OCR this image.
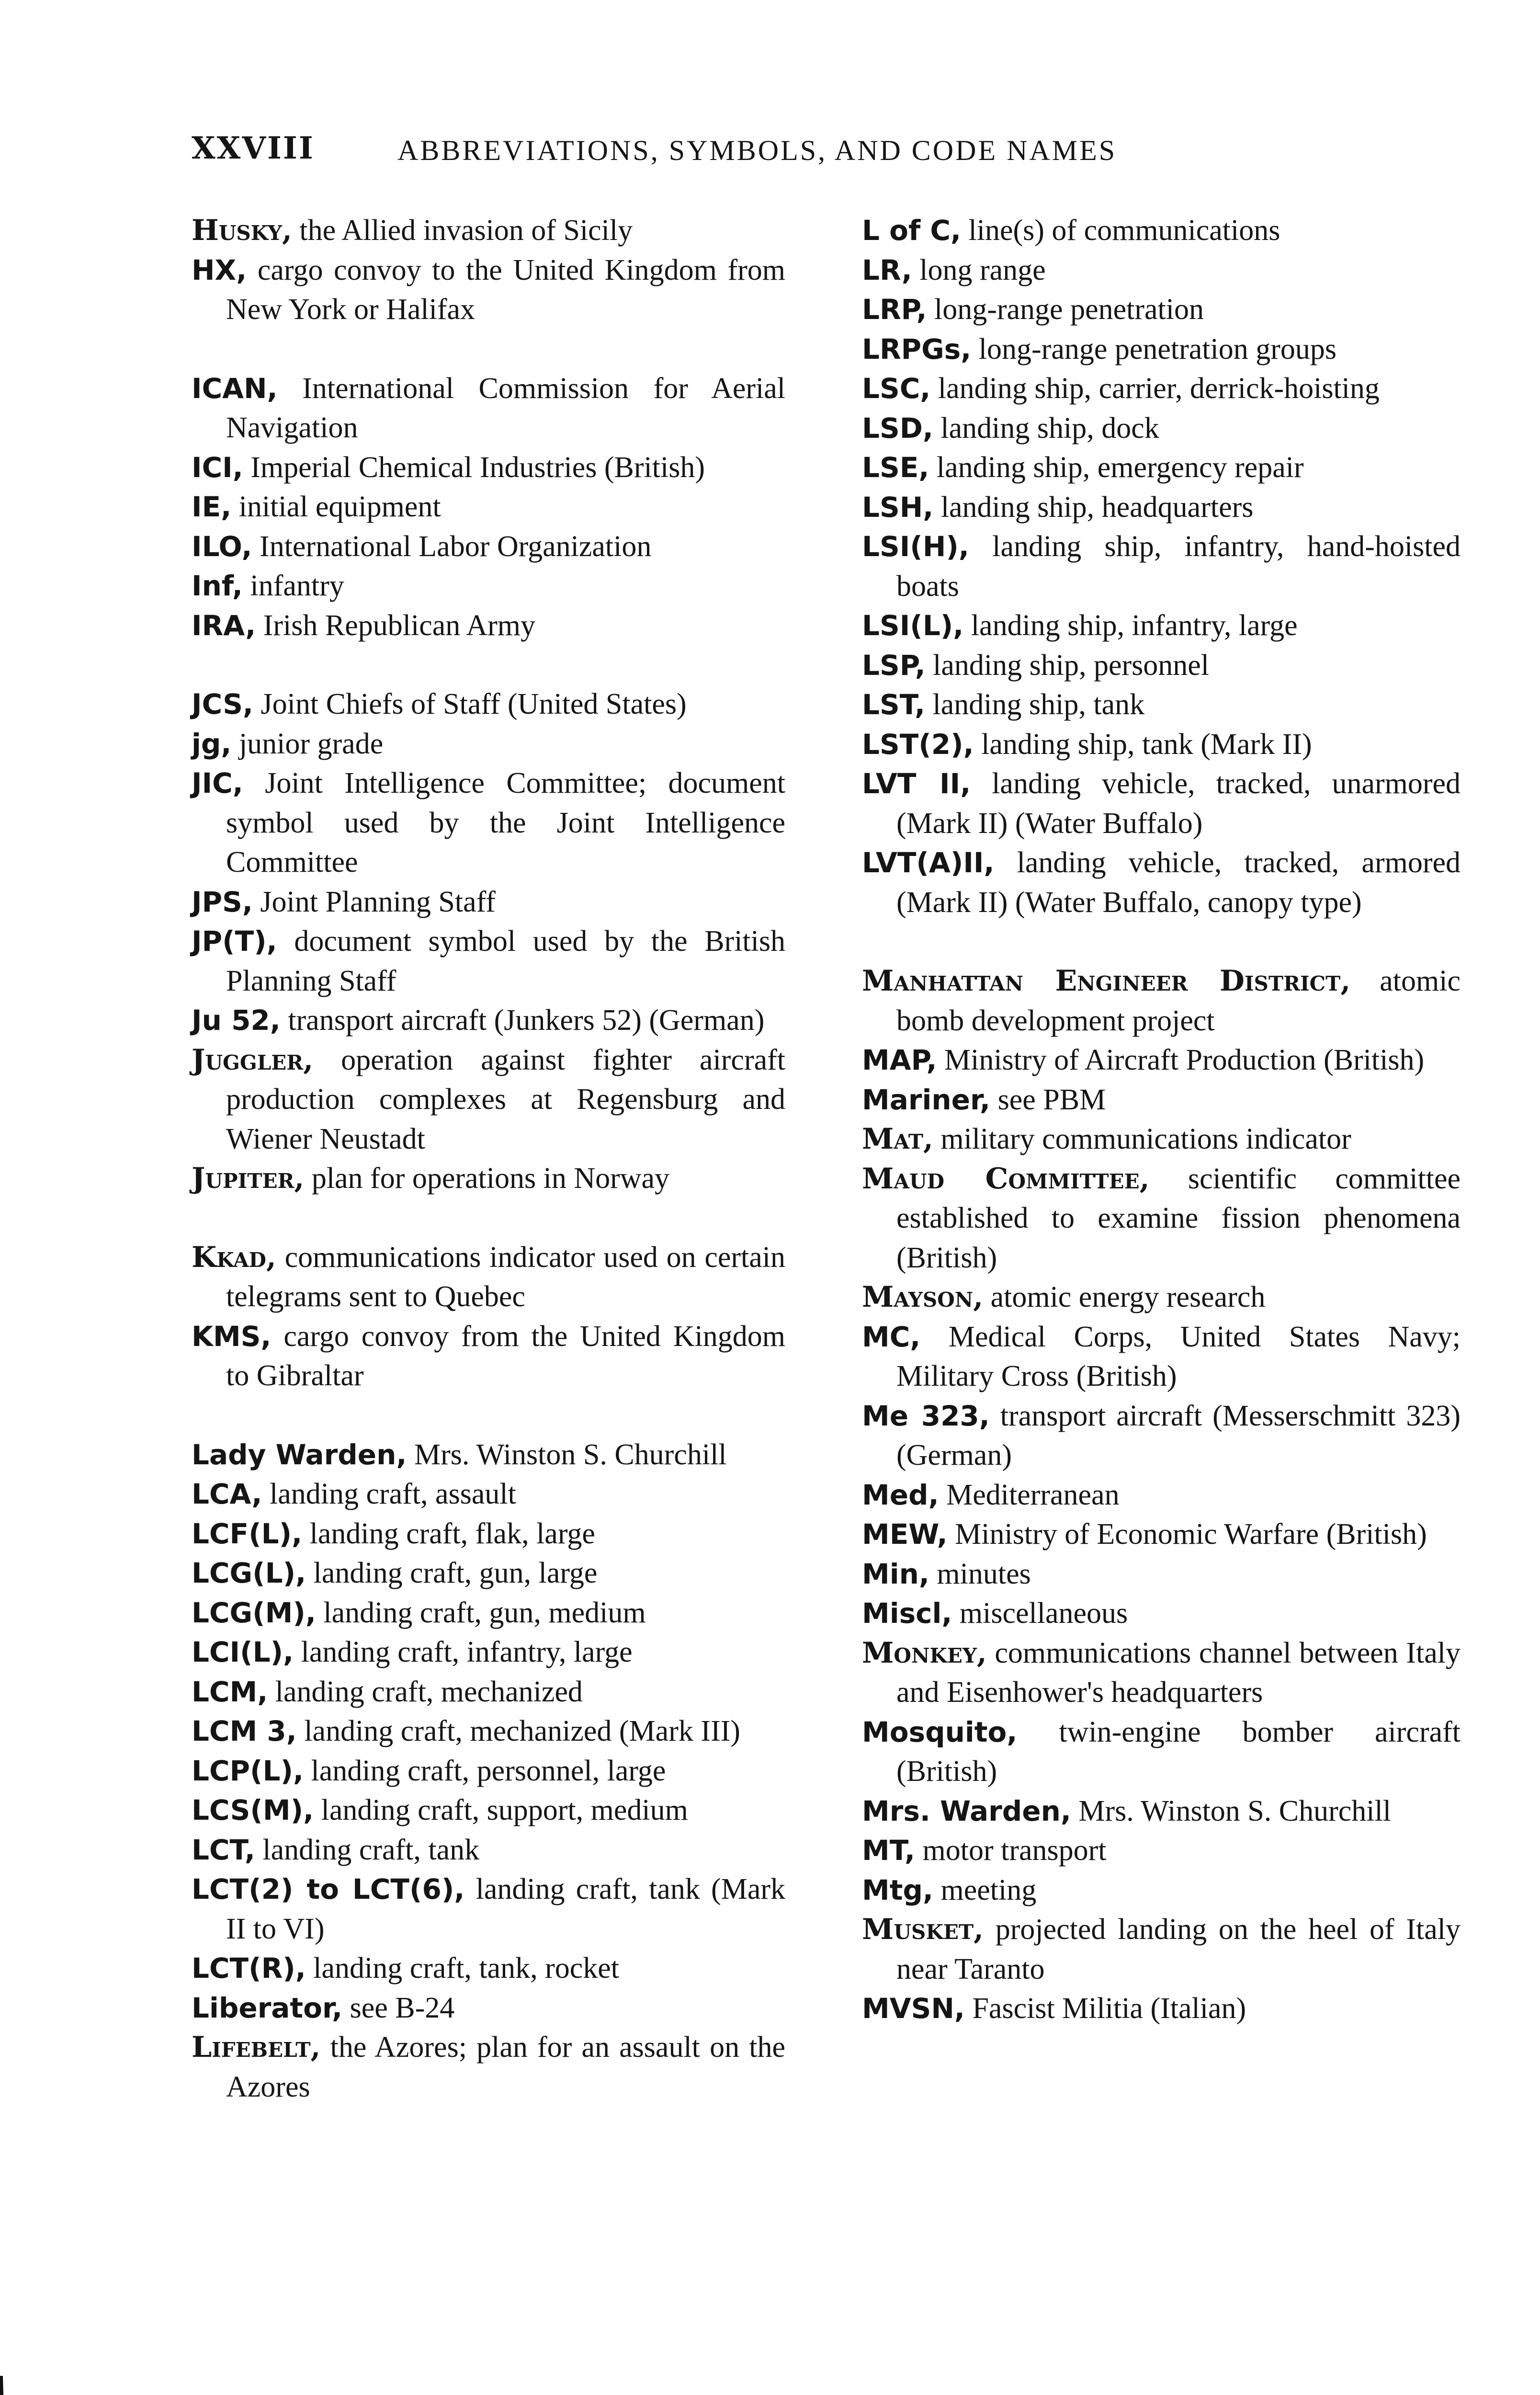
XXVIII	ABBREVIATIONS, SYMBOLS, AND CODE NAMES
Husky, the Allied invasion of Sicily
HX, cargo convoy to the United Kingdom from New York or Halifax
ICAN, International Commission for Aerial Navigation
ICI, Imperial Chemical Industries (British)
IE, initial equipment
ILO, International Labor Organization
Inf, infantry
IRA, Irish Republican Army
JCS, Joint Chiefs of Staff (United States)
jg, junior grade
JIC, Joint Intelligence Committee; document symbol used by the Joint Intelligence Committee
JPS, Joint Planning Staff
JP(T), document symbol used by the British Planning Staff
Ju 52, transport aircraft (Junkers 52) (German)
Juggler, operation against fighter aircraft production complexes at Regensburg and Wiener Neustadt
Jupiter, plan for operations in Norway
Kkad, communications indicator used on certain telegrams sent to Quebec
KMS, cargo convoy from the United Kingdom to Gibraltar
Lady Warden, Mrs. Winston S. Churchill
LCA, landing craft, assault
LCF(L), landing craft, flak, large
LCG(L), landing craft, gun, large
LCG(M), landing craft, gun, medium
LCI(L), landing craft, infantry, large
LCM, landing craft, mechanized
LCM 3, landing craft, mechanized (Mark III)
LCP(L), landing craft, personnel, large
LCS(M), landing craft, support, medium
LCT, landing craft, tank
LCT(2) to LCT(6), landing craft, tank (Mark II to VI)
LCT(R), landing craft, tank, rocket
Liberator, see B-24
Lifebelt, the Azores; plan for an assault on the Azores
L of C, line(s) of communications
LR, long range
LRP, long-range penetration
LRPGs, long-range penetration groups
LSC, landing ship, carrier, derrick-hoisting
LSD, landing ship, dock
LSE, landing ship, emergency repair
LSH, landing ship, headquarters
LSI(H), landing ship, infantry, hand-hoisted boats
LSI(L), landing ship, infantry, large
LSP, landing ship, personnel
LST, landing ship, tank
LST(2), landing ship, tank (Mark II)
LVT II, landing vehicle, tracked, unarmored (Mark II) (Water Buffalo)
LVT(A)II, landing vehicle, tracked, armored (Mark II) (Water Buffalo, canopy type)
Manhattan Engineer District, atomic bomb development project
MAP, Ministry of Aircraft Production (British)
Mariner, see PBM
Mat, military communications indicator
Maud Committee, scientific committee established to examine fission phenomena (British)
Mayson, atomic energy research
MC, Medical Corps, United States Navy; Military Cross (British)
Me 323, transport aircraft (Messerschmitt 323) (German)
Med, Mediterranean
MEW, Ministry of Economic Warfare (British)
Min, minutes
Miscl, miscellaneous
Monkey, communications channel between Italy and Eisenhower's headquarters
Mosquito, twin-engine bomber aircraft (British)
Mrs. Warden, Mrs. Winston S. Churchill
MT, motor transport
Mtg, meeting
Musket, projected landing on the heel of Italy near Taranto
MVSN, Fascist Militia (Italian)
